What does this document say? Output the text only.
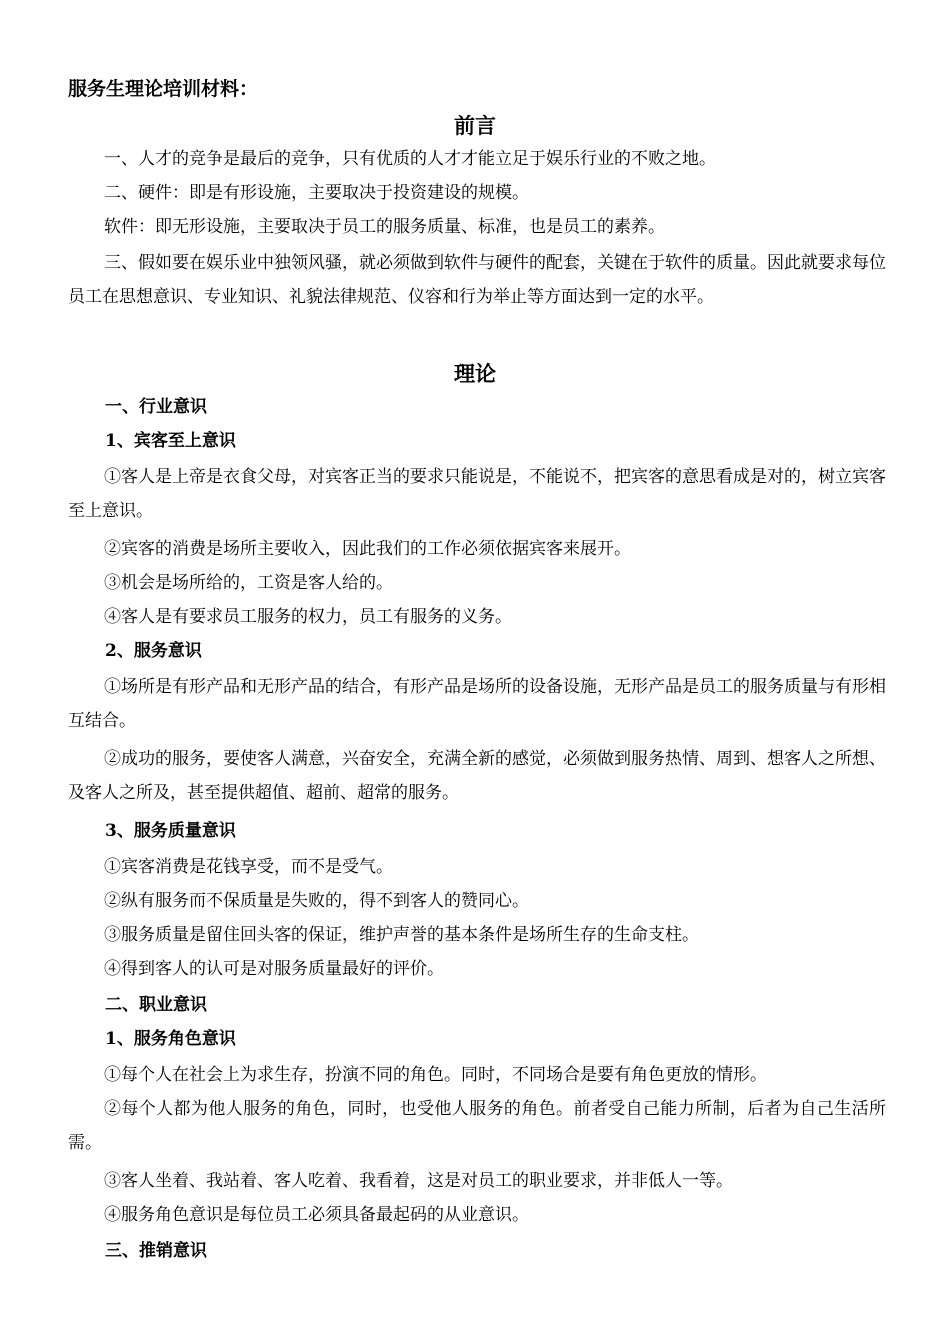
服务生理论培训材料：
前言

一、人才的竞争是最后的竞争，只有优质的人才才能立足于娱乐行业的不败之地。

二、硬件：即是有形设施，主要取决于投资建设的规模。

软件：即无形设施，主要取决于员工的服务质量、标准，也是员工的素养。

三、假如要在娱乐业中独领风骚，就必须做到软件与硬件的配套，关键在于软件的质量。因此就要求每位员工在思想意识、专业知识、礼貌法律规范、仪容和行为举止等方面达到一定的水平。

理论
一、行业意识
1、宾客至上意识

①客人是上帝是衣食父母，对宾客正当的要求只能说是，不能说不，把宾客的意思看成是对的，树立宾客至上意识。

②宾客的消费是场所主要收入，因此我们的工作必须依据宾客来展开。

③机会是场所给的，工资是客人给的。

④客人是有要求员工服务的权力，员工有服务的义务。

2、服务意识

①场所是有形产品和无形产品的结合，有形产品是场所的设备设施，无形产品是员工的服务质量与有形相互结合。

②成功的服务，要使客人满意，兴奋安全，充满全新的感觉，必须做到服务热情、周到、想客人之所想、及客人之所及，甚至提供超值、超前、超常的服务。

3、服务质量意识

①宾客消费是花钱享受，而不是受气。

②纵有服务而不保质量是失败的，得不到客人的赞同心。

③服务质量是留住回头客的保证，维护声誉的基本条件是场所生存的生命支柱。

④得到客人的认可是对服务质量最好的评价。

二、职业意识
1、服务角色意识

①每个人在社会上为求生存，扮演不同的角色。同时，不同场合是要有角色更放的情形。

②每个人都为他人服务的角色，同时，也受他人服务的角色。前者受自己能力所制，后者为自己生活所需。

③客人坐着、我站着、客人吃着、我看着，这是对员工的职业要求，并非低人一等。

④服务角色意识是每位员工必须具备最起码的从业意识。

三、推销意识
